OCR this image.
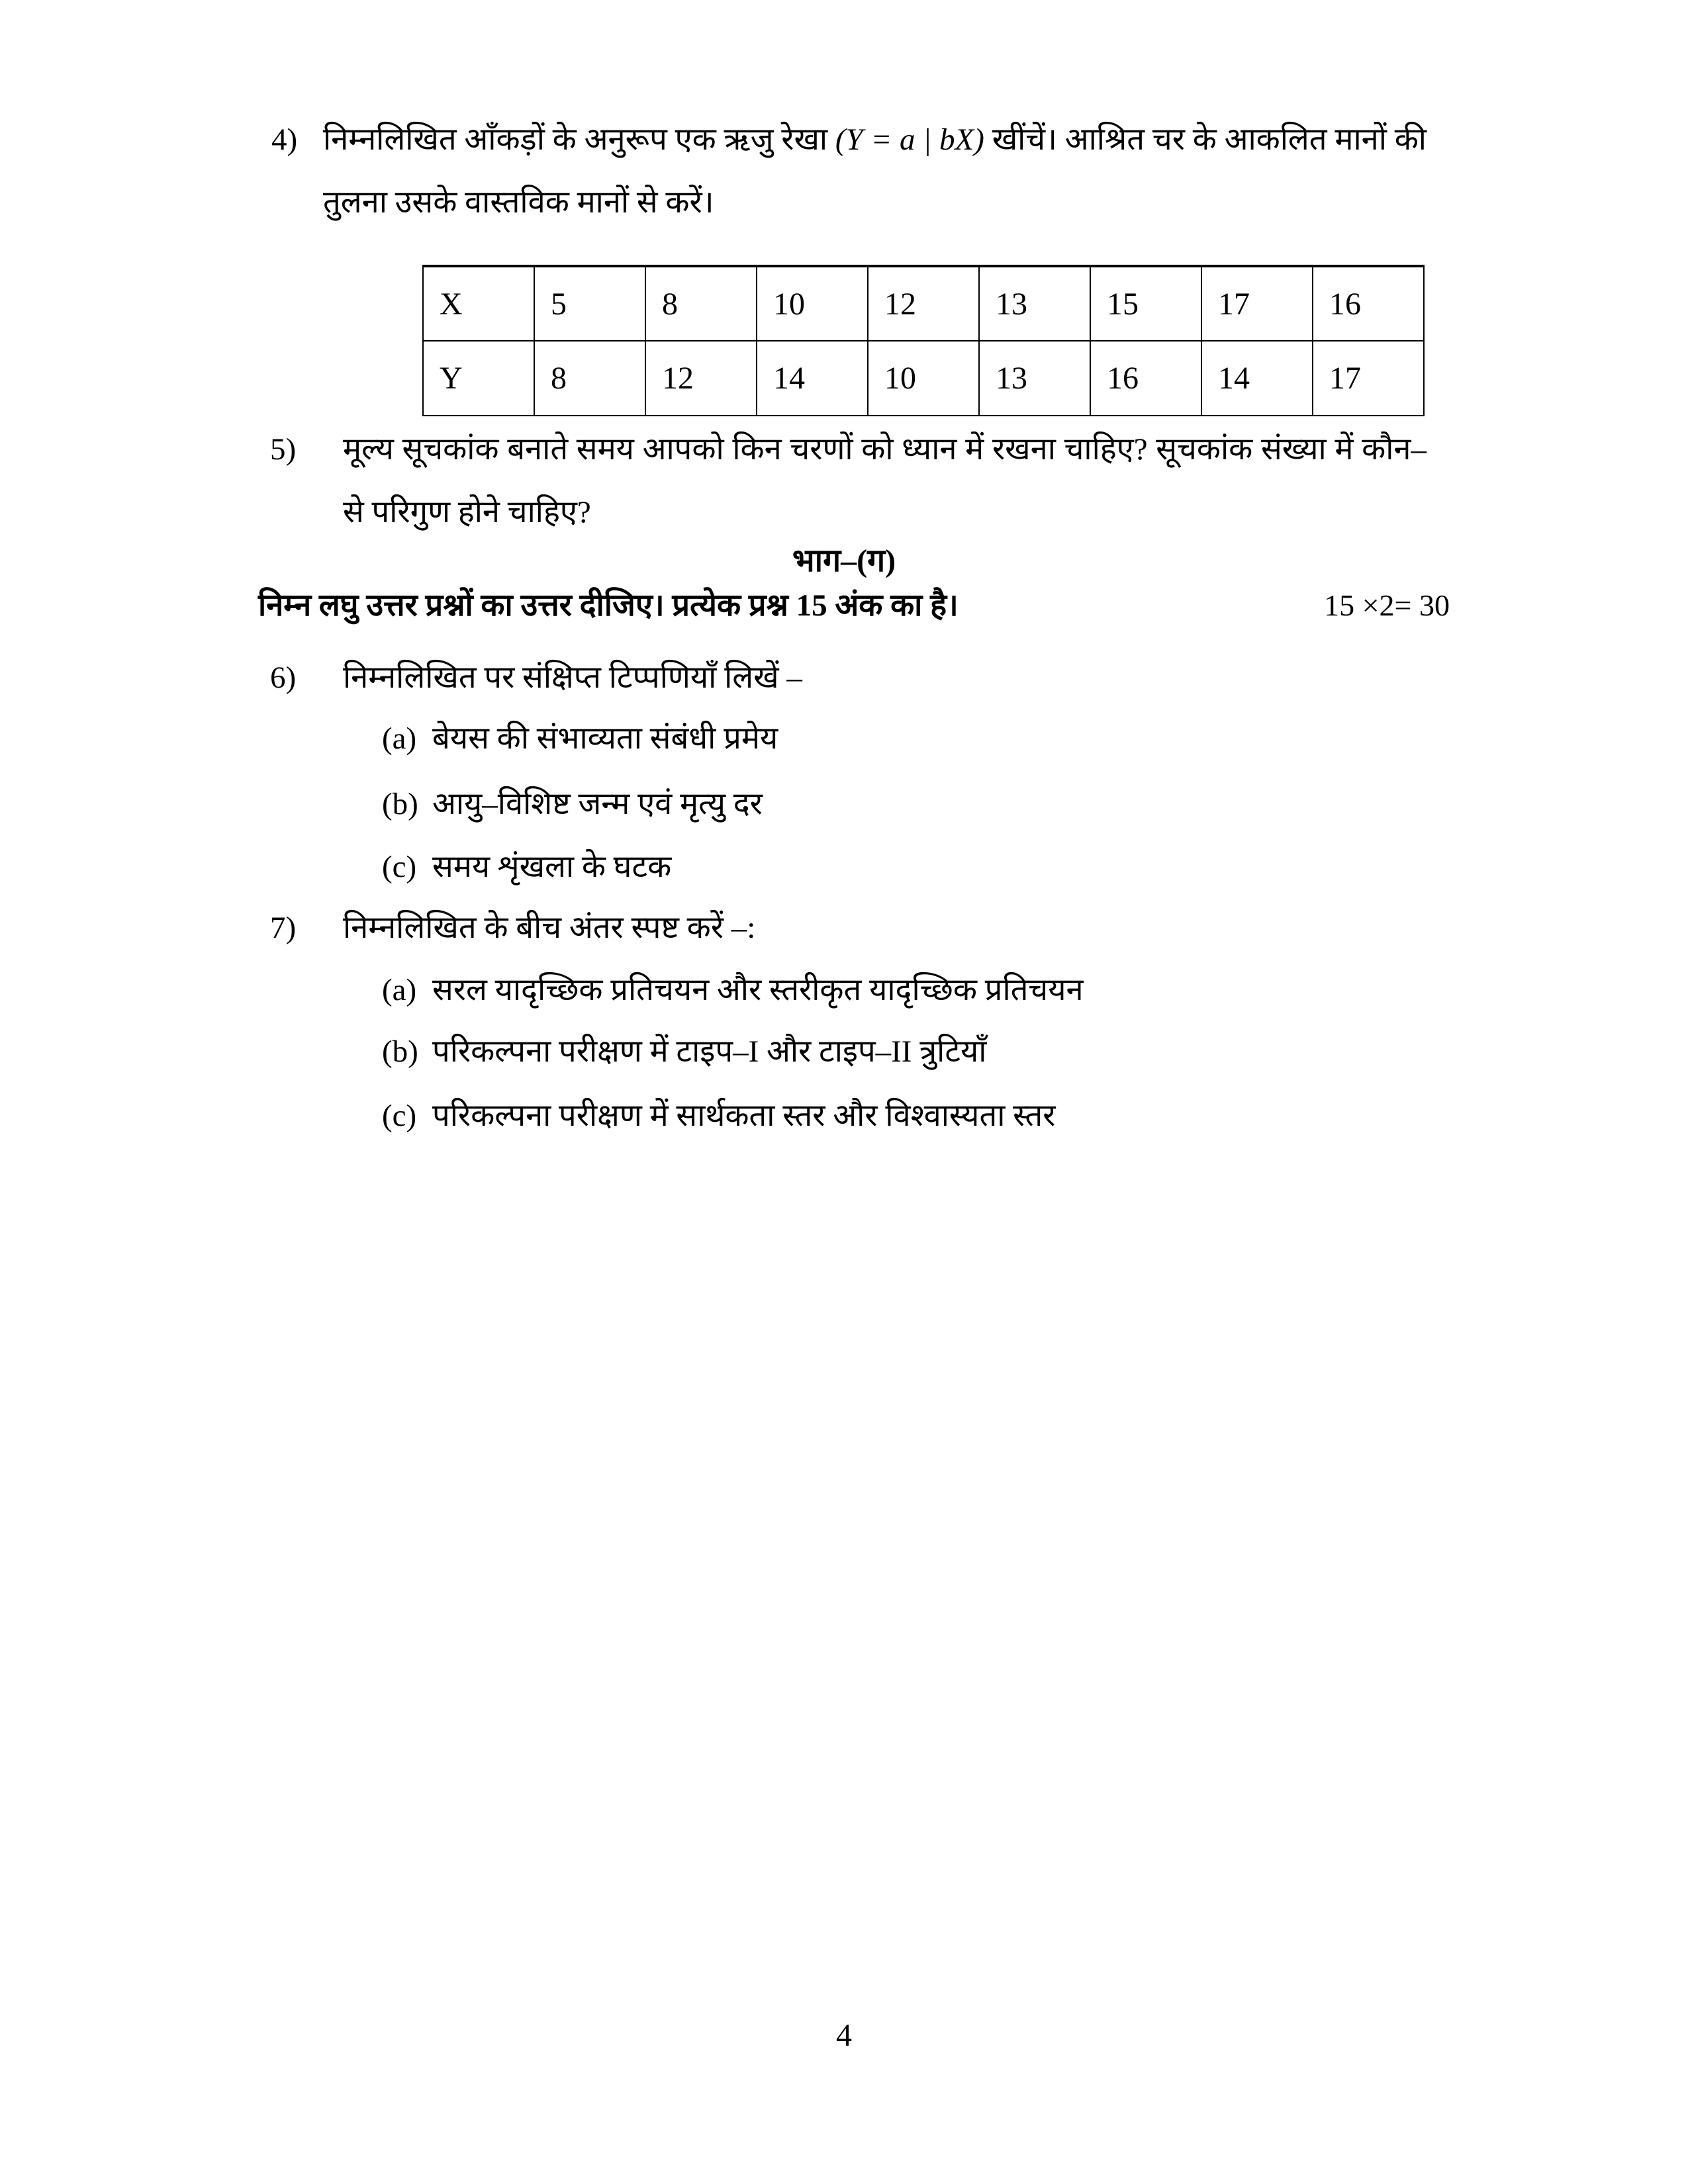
4) निम्नलिखित आँकड़ों के अनुरूप एक ऋजु रेखा (Y = a | bX) खींचें। आश्रित चर के आकलित मानों की तुलना उसके वास्तविक मानों से करें।
X	5	8	10	12	13	15	17	16
Y	8	12	14	10	13	16	14	17
5)	मूल्य सूचकांक बनाते समय आपको किन चरणों को ध्यान में रखना चाहिए? सूचकांक संख्या में कौन–से परिगुण होने चाहिए?
भाग–(ग)
निम्न लघु उत्तर प्रश्नों का उत्तर दीजिए। प्रत्येक प्रश्न 15 अंक का है।	15 ×2= 30
6)	निम्नलिखित पर संक्षिप्त टिप्पणियाँ लिखें –
(a) बेयस की संभाव्यता संबंधी प्रमेय
(b) आयु–विशिष्ट जन्म एवं मृत्यु दर
(c) समय शृंखला के घटक
7)	निम्नलिखित के बीच अंतर स्पष्ट करें –:
(a) सरल यादृच्छिक प्रतिचयन और स्तरीकृत यादृच्छिक प्रतिचयन
(b) परिकल्पना परीक्षण में टाइप–I और टाइप–II त्रुटियाँ
(c) परिकल्पना परीक्षण में सार्थकता स्तर और विश्वास्यता स्तर
4
